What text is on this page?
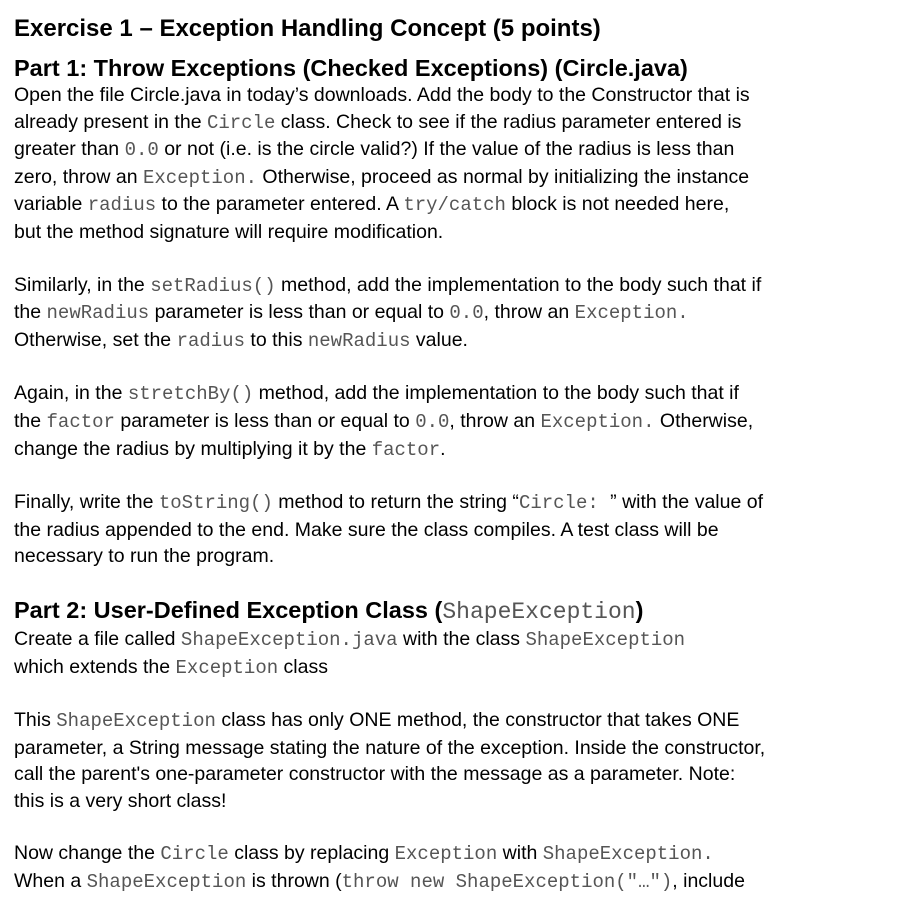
Exercise 1 – Exception Handling Concept (5 points)
Part 1: Throw Exceptions (Checked Exceptions) (Circle.java)
Open the file Circle.java in today’s downloads. Add the body to the Constructor that is
already present in the Circle class. Check to see if the radius parameter entered is
greater than 0.0 or not (i.e. is the circle valid?) If the value of the radius is less than
zero, throw an Exception. Otherwise, proceed as normal by initializing the instance
variable radius to the parameter entered. A try/catch block is not needed here,
but the method signature will require modification.
Similarly, in the setRadius() method, add the implementation to the body such that if
the newRadius parameter is less than or equal to 0.0, throw an Exception.
Otherwise, set the radius to this newRadius value.
Again, in the stretchBy() method, add the implementation to the body such that if
the factor parameter is less than or equal to 0.0, throw an Exception. Otherwise,
change the radius by multiplying it by the factor.
Finally, write the toString() method to return the string “Circle: ” with the value of
the radius appended to the end. Make sure the class compiles. A test class will be
necessary to run the program.
Part 2: User-Defined Exception Class (ShapeException)
Create a file called ShapeException.java with the class ShapeException
which extends the Exception class
This ShapeException class has only ONE method, the constructor that takes ONE
parameter, a String message stating the nature of the exception. Inside the constructor,
call the parent's one-parameter constructor with the message as a parameter. Note:
this is a very short class!
Now change the Circle class by replacing Exception with ShapeException.
When a ShapeException is thrown (throw new ShapeException("…"), include
